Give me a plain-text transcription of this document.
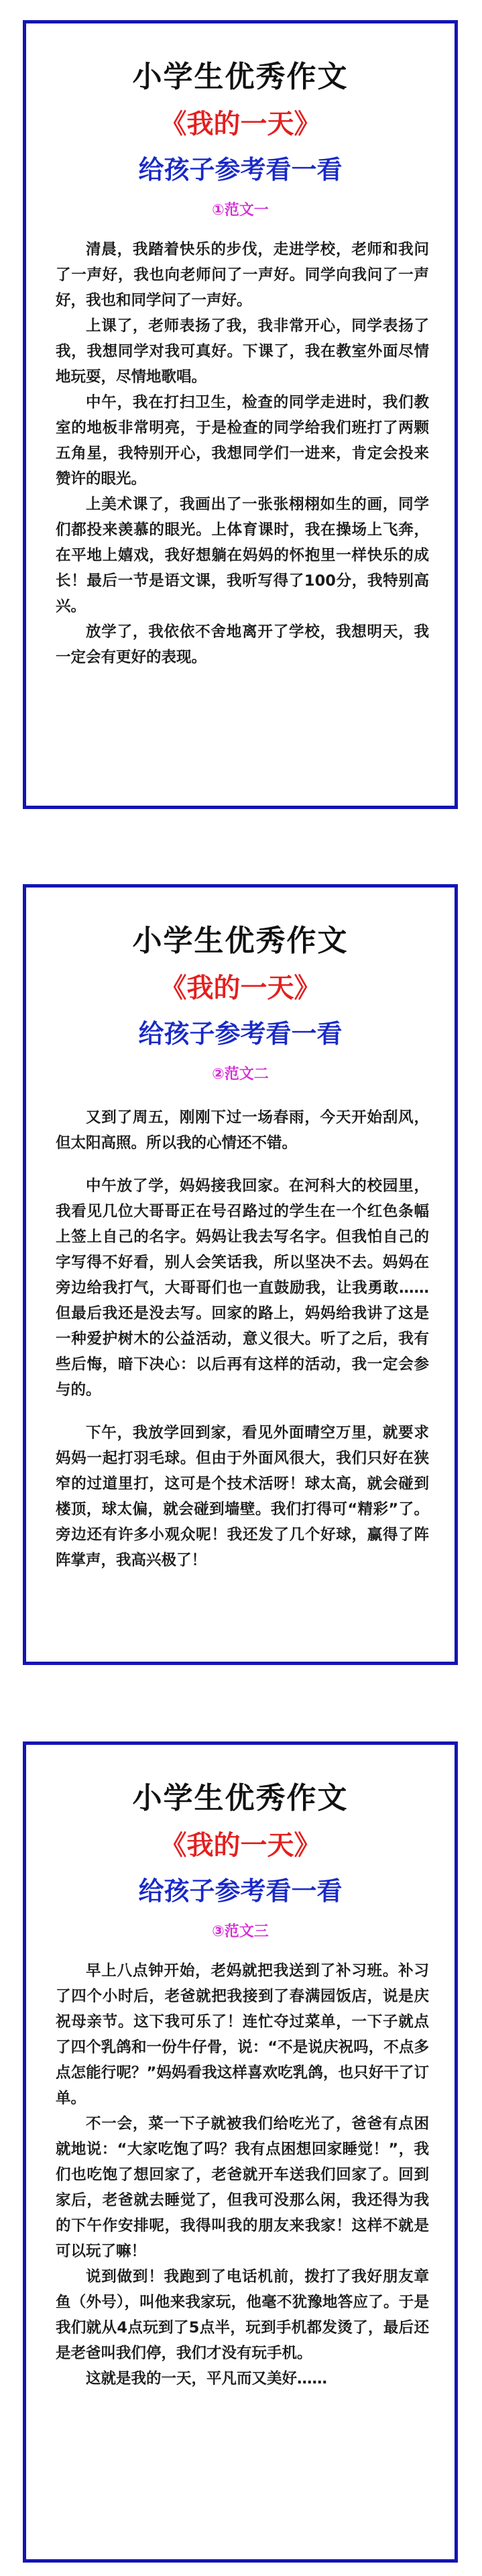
小学生优秀作文

《我的一天》

给孩子参考看一看

①范文一

清晨，我踏着快乐的步伐，走进学校，老师和我问了一声好，我也向老师问了一声好。同学向我问了一声好，我也和同学问了一声好。

上课了，老师表扬了我，我非常开心，同学表扬了我，我想同学对我可真好。下课了，我在教室外面尽情地玩耍，尽情地歌唱。

中午，我在打扫卫生，检查的同学走进时，我们教室的地板非常明亮，于是检查的同学给我们班打了两颗五角星，我特别开心，我想同学们一进来，肯定会投来赞许的眼光。

上美术课了，我画出了一张张栩栩如生的画，同学们都投来羡慕的眼光。上体育课时，我在操场上飞奔，在平地上嬉戏，我好想躺在妈妈的怀抱里一样快乐的成长！最后一节是语文课，我听写得了100分，我特别高兴。

放学了，我依依不舍地离开了学校，我想明天，我一定会有更好的表现。

小学生优秀作文

《我的一天》

给孩子参考看一看

②范文二

又到了周五，刚刚下过一场春雨，今天开始刮风，但太阳高照。所以我的心情还不错。

中午放了学，妈妈接我回家。在河科大的校园里，我看见几位大哥哥正在号召路过的学生在一个红色条幅上签上自己的名字。妈妈让我去写名字。但我怕自己的字写得不好看，别人会笑话我，所以坚决不去。妈妈在旁边给我打气，大哥哥们也一直鼓励我，让我勇敢……但最后我还是没去写。回家的路上，妈妈给我讲了这是一种爱护树木的公益活动，意义很大。听了之后，我有些后悔，暗下决心：以后再有这样的活动，我一定会参与的。

下午，我放学回到家，看见外面晴空万里，就要求妈妈一起打羽毛球。但由于外面风很大，我们只好在狭窄的过道里打，这可是个技术活呀！球太高，就会碰到楼顶，球太偏，就会碰到墙壁。我们打得可“精彩”了。旁边还有许多小观众呢！我还发了几个好球，赢得了阵阵掌声，我高兴极了！

小学生优秀作文

《我的一天》

给孩子参考看一看

③范文三

早上八点钟开始，老妈就把我送到了补习班。补习了四个小时后，老爸就把我接到了春满园饭店，说是庆祝母亲节。这下我可乐了！连忙夺过菜单，一下子就点了四个乳鸽和一份牛仔骨，说：“不是说庆祝吗，不点多点怎能行呢？”妈妈看我这样喜欢吃乳鸽，也只好干了订单。

不一会，菜一下子就被我们给吃光了，爸爸有点困就地说：“大家吃饱了吗？我有点困想回家睡觉！”，我们也吃饱了想回家了，老爸就开车送我们回家了。回到家后，老爸就去睡觉了，但我可没那么闲，我还得为我的下午作安排呢，我得叫我的朋友来我家！这样不就是可以玩了嘛！

说到做到！我跑到了电话机前，拨打了我好朋友章鱼（外号），叫他来我家玩，他毫不犹豫地答应了。于是我们就从4点玩到了5点半，玩到手机都发烫了，最后还是老爸叫我们停，我们才没有玩手机。

这就是我的一天，平凡而又美好……
